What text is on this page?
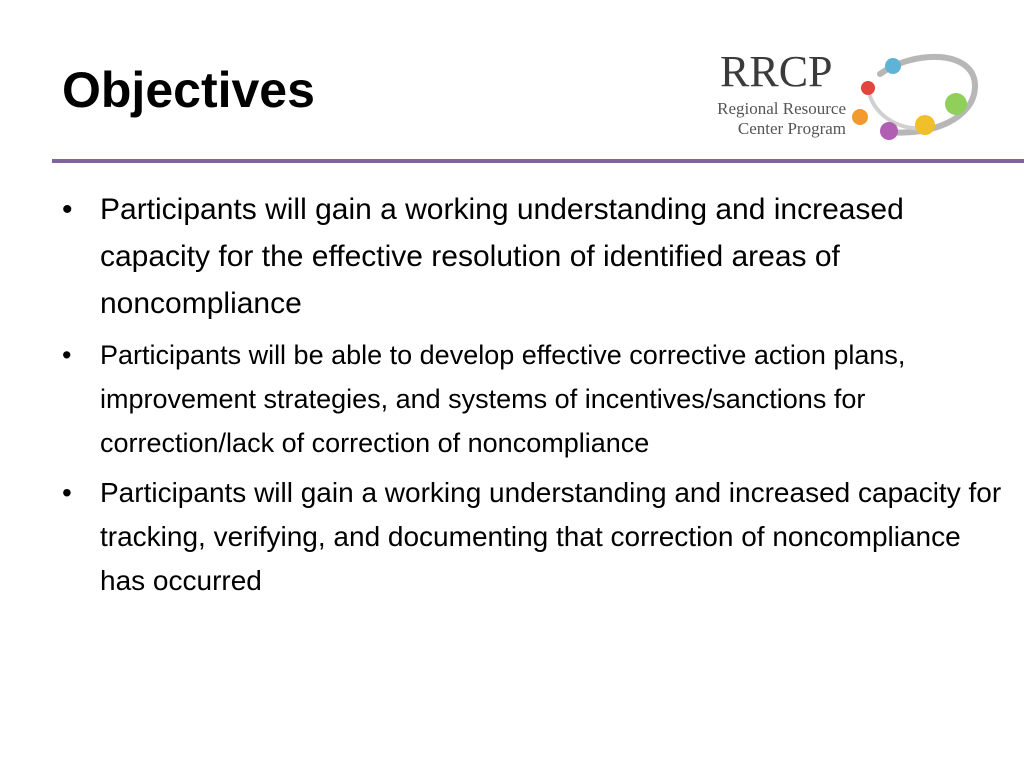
Objectives	RRCP
Regional Resource
Center Program
• Participants will gain a working understanding and increased capacity for the effective resolution of identified areas of noncompliance
• Participants will be able to develop effective corrective action plans, improvement strategies, and systems of incentives/sanctions for correction/lack of correction of noncompliance
• Participants will gain a working understanding and increased capacity for tracking, verifying, and documenting that correction of noncompliance has occurred
